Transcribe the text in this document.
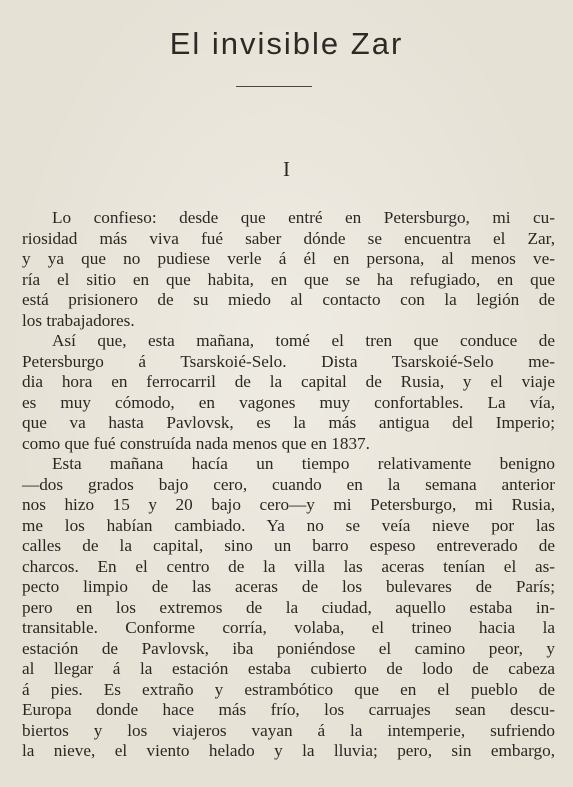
El invisible Zar
I
Lo confieso: desde que entré en Petersburgo, mi cu-
riosidad más viva fué saber dónde se encuentra el Zar,
y ya que no pudiese verle á él en persona, al menos ve-
ría el sitio en que habita, en que se ha refugiado, en que
está prisionero de su miedo al contacto con la legión de
los trabajadores.
Así que, esta mañana, tomé el tren que conduce de
Petersburgo á Tsarskoié-Selo. Dista Tsarskoié-Selo me-
dia hora en ferrocarril de la capital de Rusia, y el viaje
es muy cómodo, en vagones muy confortables. La vía,
que va hasta Pavlovsk, es la más antigua del Imperio;
como que fué construída nada menos que en 1837.
Esta mañana hacía un tiempo relativamente benigno
—dos grados bajo cero, cuando en la semana anterior
nos hizo 15 y 20 bajo cero—y mi Petersburgo, mi Rusia,
me los habían cambiado. Ya no se veía nieve por las
calles de la capital, sino un barro espeso entreverado de
charcos. En el centro de la villa las aceras tenían el as-
pecto limpio de las aceras de los bulevares de París;
pero en los extremos de la ciudad, aquello estaba in-
transitable. Conforme corría, volaba, el trineo hacia la
estación de Pavlovsk, iba poniéndose el camino peor, y
al llegar á la estación estaba cubierto de lodo de cabeza
á pies. Es extraño y estrambótico que en el pueblo de
Europa donde hace más frío, los carruajes sean descu-
biertos y los viajeros vayan á la intemperie, sufriendo
la nieve, el viento helado y la lluvia; pero, sin embargo,
